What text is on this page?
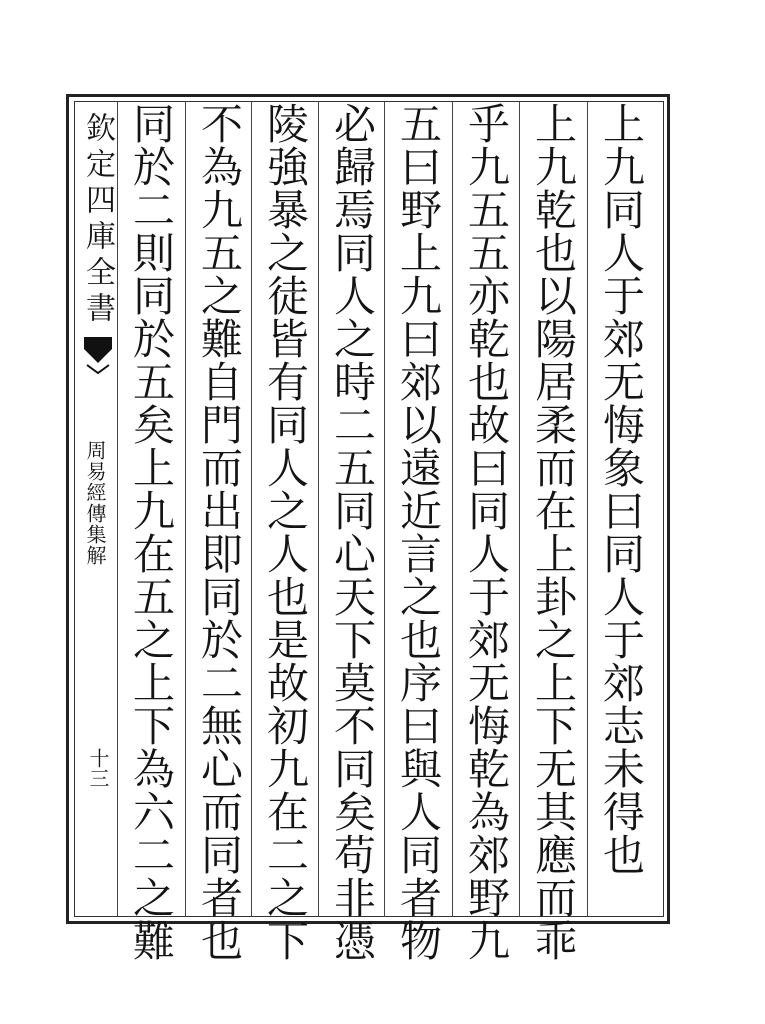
欽定四庫全書
周易經傳集解
十三	上九同人于郊无悔象曰同人于郊志未得也
上九乾也以陽居柔而在上卦之上下无其應而乖
乎九五五亦乾也故曰同人于郊无悔乾為郊野九
五曰野上九曰郊以遠近言之也序曰與人同者物
必歸焉同人之時二五同心天下莫不同矣苟非憑
陵強暴之徒皆有同人之人也是故初九在二之下
不為九五之難自門而出即同於二無心而同者也
同於二則同於五矣上九在五之上下為六二之難
